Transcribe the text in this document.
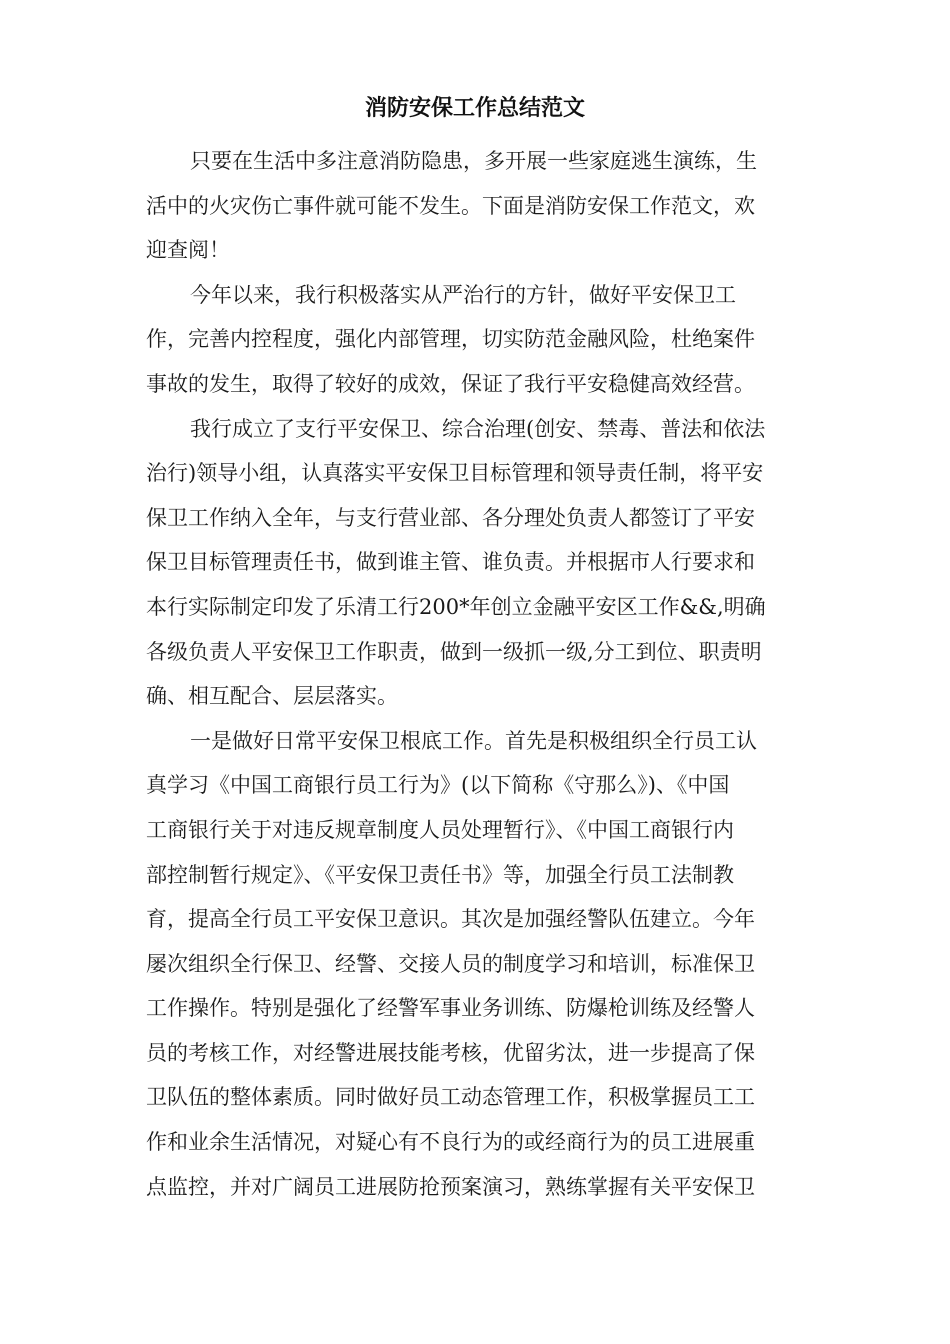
消防安保工作总结范文
只要在生活中多注意消防隐患，多开展一些家庭逃生演练，生
活中的火灾伤亡事件就可能不发生。下面是消防安保工作范文，欢
迎查阅！
今年以来，我行积极落实从严治行的方针，做好平安保卫工
作，完善内控程度，强化内部管理，切实防范金融风险，杜绝案件
事故的发生，取得了较好的成效，保证了我行平安稳健高效经营。
我行成立了支行平安保卫、综合治理(创安、禁毒、普法和依法
治行)领导小组，认真落实平安保卫目标管理和领导责任制，将平安
保卫工作纳入全年，与支行营业部、各分理处负责人都签订了平安
保卫目标管理责任书，做到谁主管、谁负责。并根据市人行要求和
本行实际制定印发了乐清工行200*年创立金融平安区工作&&,明确
各级负责人平安保卫工作职责，做到一级抓一级,分工到位、职责明
确、相互配合、层层落实。
一是做好日常平安保卫根底工作。首先是积极组织全行员工认
真学习《中国工商银行员工行为》(以下简称《守那么》)、《中国
工商银行关于对违反规章制度人员处理暂行》、《中国工商银行内
部控制暂行规定》、《平安保卫责任书》等，加强全行员工法制教
育，提高全行员工平安保卫意识。其次是加强经警队伍建立。今年
屡次组织全行保卫、经警、交接人员的制度学习和培训，标准保卫
工作操作。特别是强化了经警军事业务训练、防爆枪训练及经警人
员的考核工作，对经警进展技能考核，优留劣汰，进一步提高了保
卫队伍的整体素质。同时做好员工动态管理工作，积极掌握员工工
作和业余生活情况，对疑心有不良行为的或经商行为的员工进展重
点监控，并对广阔员工进展防抢预案演习，熟练掌握有关平安保卫
